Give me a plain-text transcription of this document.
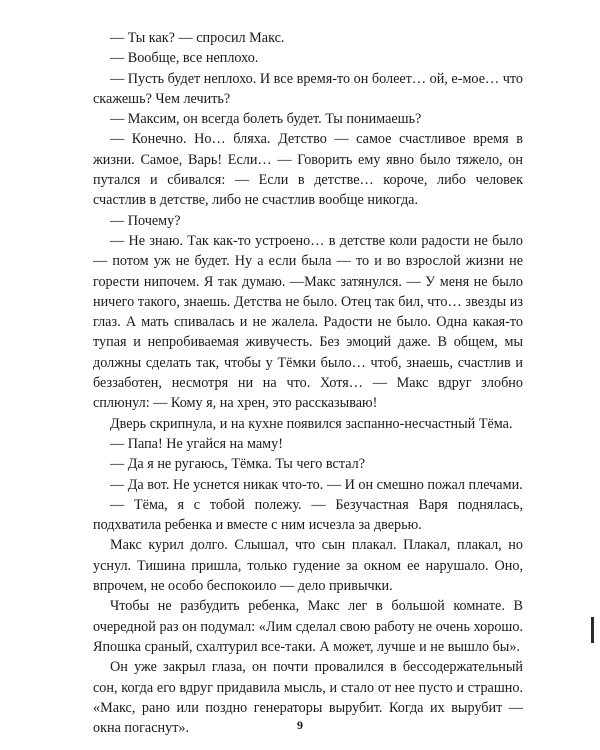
— Ты как? — спросил Макс.

— Вообще, все неплохо.

— Пусть будет неплохо. И все время-то он болеет… ой, е-мое… что скажешь? Чем лечить?

— Максим, он всегда болеть будет. Ты понимаешь?

— Конечно. Но… бляха. Детство — самое счастливое время в жизни. Самое, Варь! Если… — Говорить ему явно было тяжело, он путался и сбивался: — Если в детстве… короче, либо человек счастлив в детстве, либо не счастлив вообще никогда.

— Почему?

— Не знаю. Так как-то устроено… в детстве коли радости не было — потом уж не будет. Ну а если была — то и во взрослой жизни не горести нипочем. Я так думаю. —Макс затянулся. — У меня не было ничего такого, знаешь. Детства не было. Отец так бил, что… звезды из глаз. А мать спивалась и не жалела. Радости не было. Одна какая-то тупая и непробиваемая живучесть. Без эмоций даже. В общем, мы должны сделать так, чтобы у Тёмки было… чтоб, знаешь, счастлив и беззаботен, несмотря ни на что. Хотя… — Макс вдруг злобно сплюнул: — Кому я, на хрен, это рассказываю!

Дверь скрипнула, и на кухне появился заспанно-несчастный Тёма.

— Папа! Не угайся на маму!

— Да я не ругаюсь, Тёмка. Ты чего встал?

— Да вот. Не уснется никак что-то. — И он смешно пожал плечами.

— Тёма, я с тобой полежу. — Безучастная Варя поднялась, подхватила ребенка и вместе с ним исчезла за дверью.

Макс курил долго. Слышал, что сын плакал. Плакал, плакал, но уснул. Тишина пришла, только гудение за окном ее нарушало. Оно, впрочем, не особо беспокоило — дело привычки.

Чтобы не разбудить ребенка, Макс лег в большой комнате. В очередной раз он подумал: «Лим сделал свою работу не очень хорошо. Япошка сраный, схалтурил все-таки. А может, лучше и не вышло бы».

Он уже закрыл глаза, он почти провалился в бессодержательный сон, когда его вдруг придавила мысль, и стало от нее пусто и страшно. «Макс, рано или поздно генераторы вырубит. Когда их вырубит — окна погаснут».	9
